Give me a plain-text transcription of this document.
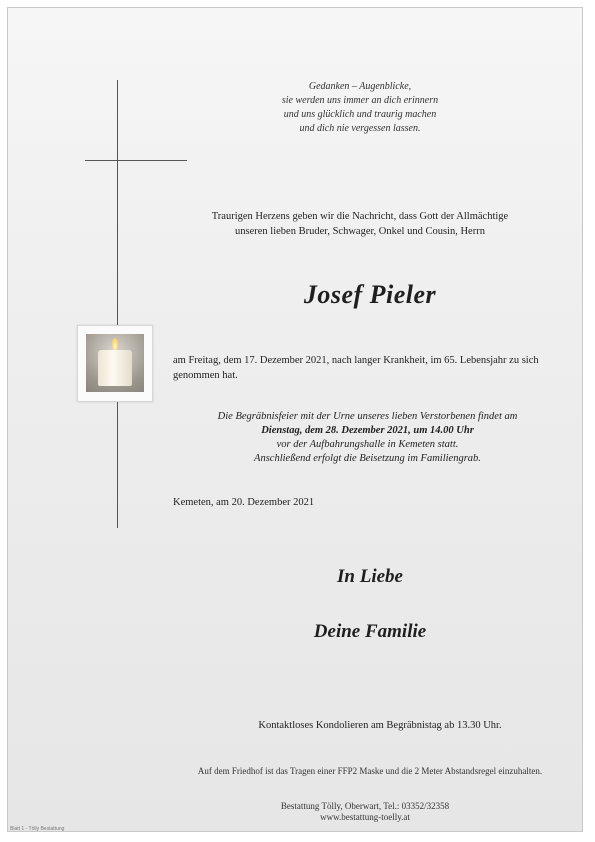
Gedanken – Augenblicke,
sie werden uns immer an dich erinnern
und uns glücklich und traurig machen
und dich nie vergessen lassen.
Traurigen Herzens geben wir die Nachricht, dass Gott der Allmächtige
unseren lieben Bruder, Schwager, Onkel und Cousin, Herrn
Josef Pieler
am Freitag, dem 17. Dezember 2021, nach langer Krankheit, im 65. Lebensjahr zu sich genommen hat.
Die Begräbnisfeier mit der Urne unseres lieben Verstorbenen findet am
Dienstag, dem 28. Dezember 2021, um 14.00 Uhr
vor der Aufbahrungshalle in Kemeten statt.
Anschließend erfolgt die Beisetzung im Familiengrab.
Kemeten, am 20. Dezember 2021
In Liebe
Deine Familie
Kontaktloses Kondolieren am Begräbnistag ab 13.30 Uhr.
Auf dem Friedhof ist das Tragen einer FFP2 Maske und die 2 Meter Abstandsregel einzuhalten.
Bestattung Tölly, Oberwart, Tel.: 03352/32358
www.bestattung-toelly.at
Blatt 1 - Tölly Bestattung
